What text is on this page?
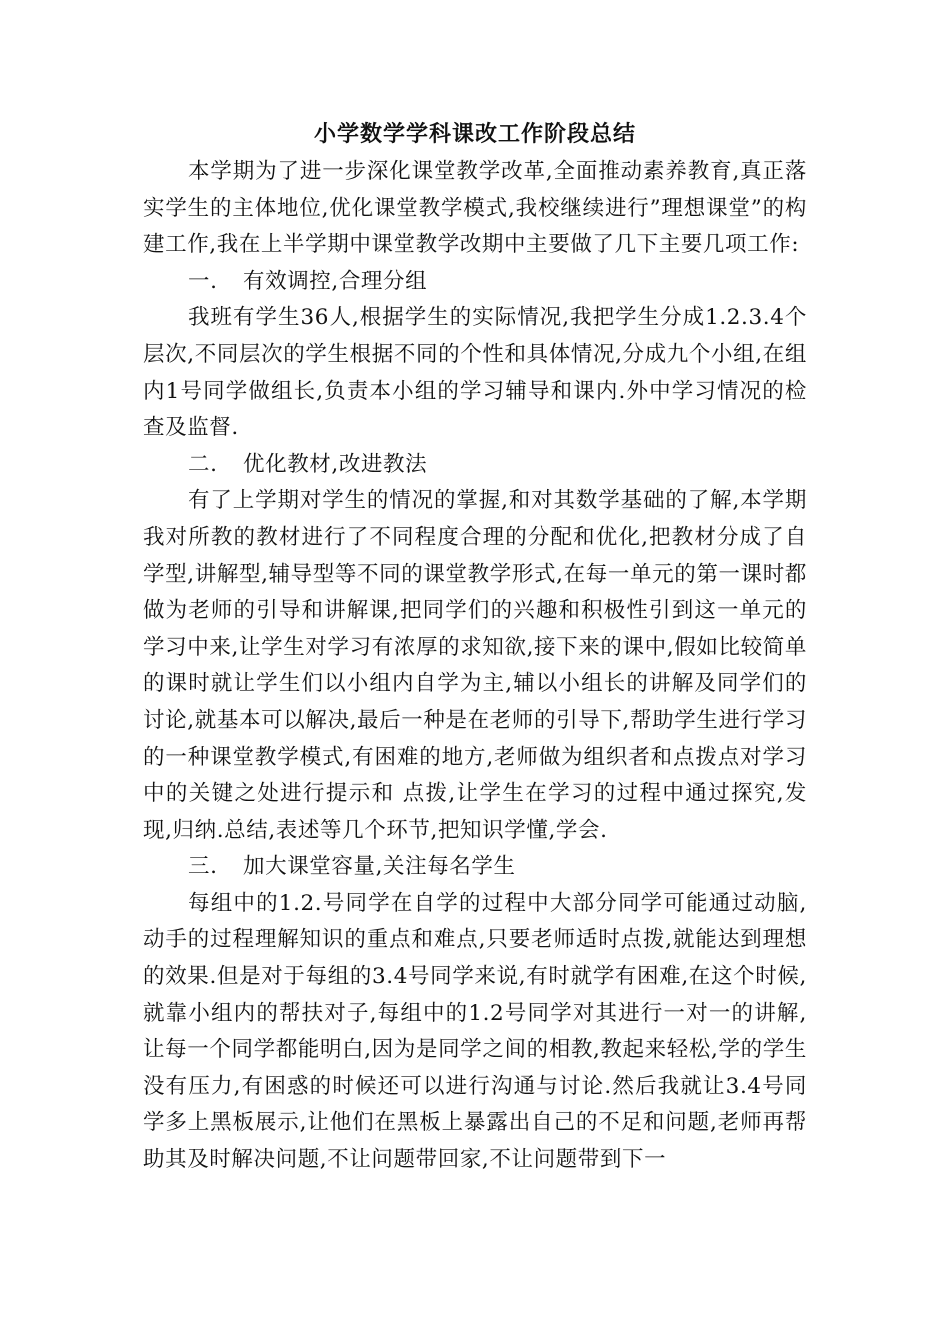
小学数学学科课改工作阶段总结

本学期为了进一步深化课堂教学改革,全面推动素养教育,真正落实学生的主体地位,优化课堂教学模式,我校继续进行”理想课堂”的构建工作,我在上半学期中课堂教学改期中主要做了几下主要几项工作:

一. 有效调控,合理分组

我班有学生36人,根据学生的实际情况,我把学生分成1.2.3.4个层次,不同层次的学生根据不同的个性和具体情况,分成九个小组,在组内1号同学做组长,负责本小组的学习辅导和课内.外中学习情况的检查及监督.

二. 优化教材,改进教法

有了上学期对学生的情况的掌握,和对其数学基础的了解,本学期我对所教的教材进行了不同程度合理的分配和优化,把教材分成了自学型,讲解型,辅导型等不同的课堂教学形式,在每一单元的第一课时都做为老师的引导和讲解课,把同学们的兴趣和积极性引到这一单元的学习中来,让学生对学习有浓厚的求知欲,接下来的课中,假如比较简单的课时就让学生们以小组内自学为主,辅以小组长的讲解及同学们的讨论,就基本可以解决,最后一种是在老师的引导下,帮助学生进行学习的一种课堂教学模式,有困难的地方,老师做为组织者和点拨点对学习中的关键之处进行提示和 点拨,让学生在学习的过程中通过探究,发现,归纳.总结,表述等几个环节,把知识学懂,学会.

三. 加大课堂容量,关注每名学生

每组中的1.2.号同学在自学的过程中大部分同学可能通过动脑,动手的过程理解知识的重点和难点,只要老师适时点拨,就能达到理想的效果.但是对于每组的3.4号同学来说,有时就学有困难,在这个时候,就靠小组内的帮扶对子,每组中的1.2号同学对其进行一对一的讲解,让每一个同学都能明白,因为是同学之间的相教,教起来轻松,学的学生没有压力,有困惑的时候还可以进行沟通与讨论.然后我就让3.4号同学多上黑板展示,让他们在黑板上暴露出自己的不足和问题,老师再帮助其及时解决问题,不让问题带回家,不让问题带到下一
